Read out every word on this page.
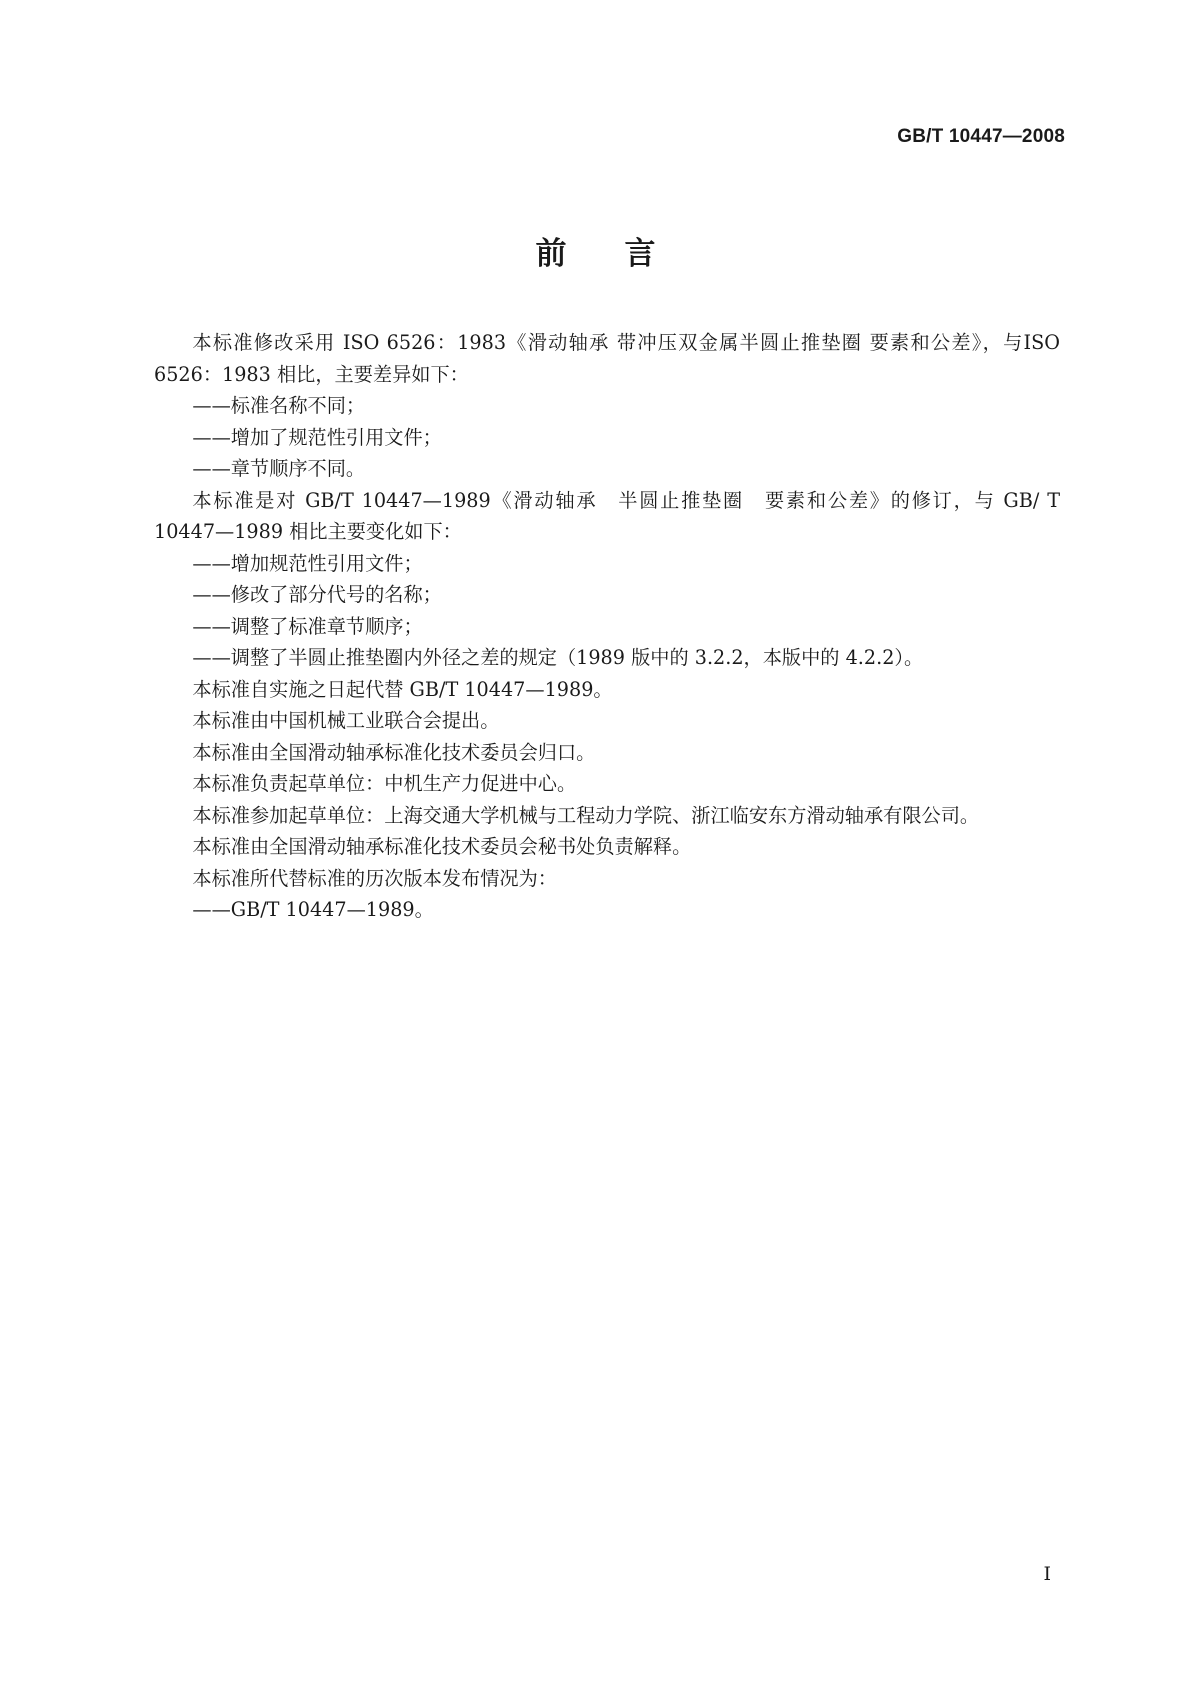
GB/T 10447—2008
前言

本标准修改采用 ISO 6526：1983《滑动轴承 带冲压双金属半圆止推垫圈 要素和公差》，与ISO 6526：1983 相比，主要差异如下：

——标准名称不同；

——增加了规范性引用文件；

——章节顺序不同。

本标准是对 GB/T 10447—1989《滑动轴承　半圆止推垫圈　要素和公差》的修订，与 GB/ T 10447—1989 相比主要变化如下：

——增加规范性引用文件；

——修改了部分代号的名称；

——调整了标准章节顺序；

——调整了半圆止推垫圈内外径之差的规定（1989 版中的 3.2.2，本版中的 4.2.2）。

本标准自实施之日起代替 GB/T 10447—1989。

本标准由中国机械工业联合会提出。

本标准由全国滑动轴承标准化技术委员会归口。

本标准负责起草单位：中机生产力促进中心。

本标准参加起草单位：上海交通大学机械与工程动力学院、浙江临安东方滑动轴承有限公司。

本标准由全国滑动轴承标准化技术委员会秘书处负责解释。

本标准所代替标准的历次版本发布情况为：

——GB/T 10447—1989。

Ⅰ
